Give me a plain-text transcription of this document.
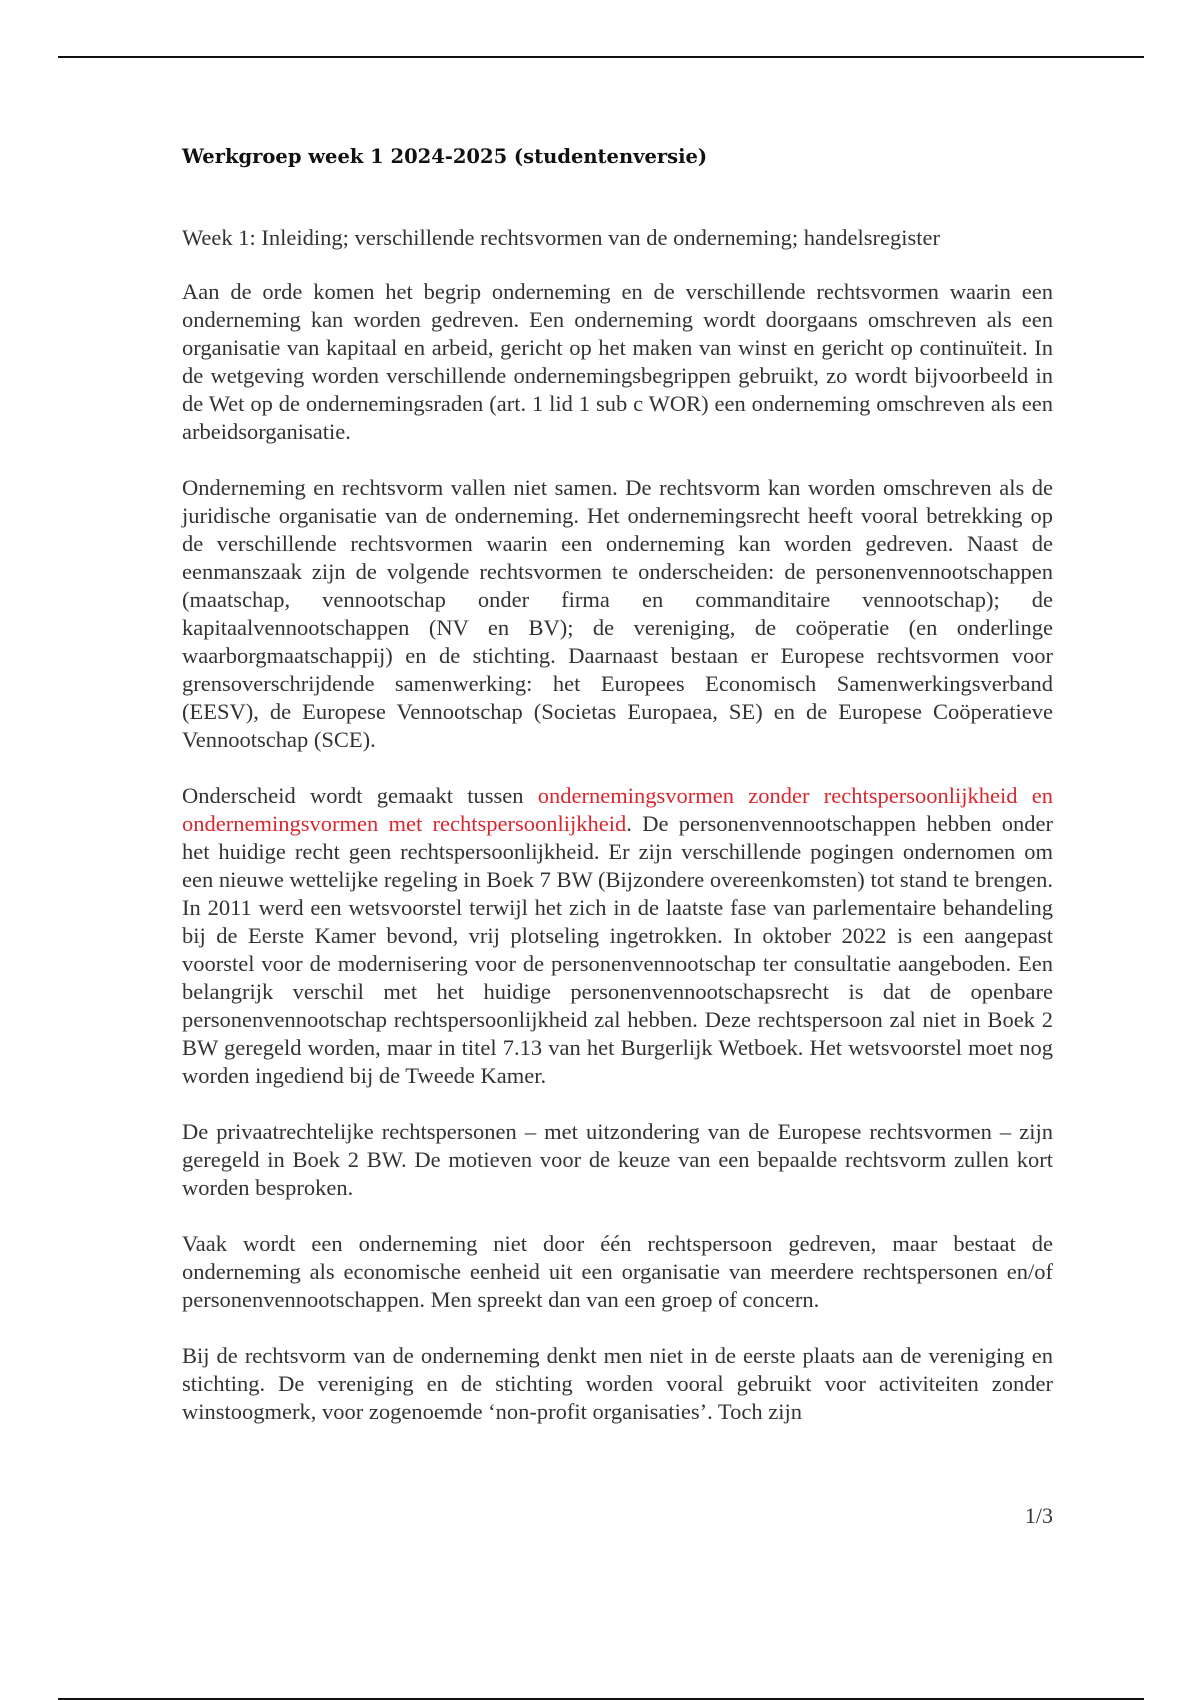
Werkgroep week 1 2024-2025 (studentenversie)

Week 1: Inleiding; verschillende rechtsvormen van de onderneming; handelsregister

Aan de orde komen het begrip onderneming en de verschillende rechtsvormen waarin een onderneming kan worden gedreven. Een onderneming wordt doorgaans omschreven als een organisatie van kapitaal en arbeid, gericht op het maken van winst en gericht op continuïteit. In de wetgeving worden verschillende ondernemingsbegrippen gebruikt, zo wordt bijvoorbeeld in de Wet op de ondernemingsraden (art. 1 lid 1 sub c WOR) een onderneming omschreven als een arbeidsorganisatie.

Onderneming en rechtsvorm vallen niet samen. De rechtsvorm kan worden omschreven als de juridische organisatie van de onderneming. Het ondernemingsrecht heeft vooral betrekking op de verschillende rechtsvormen waarin een onderneming kan worden gedreven. Naast de eenmanszaak zijn de volgende rechtsvormen te onderscheiden: de personenvennootschappen (maatschap, vennootschap onder firma en commanditaire vennootschap); de kapitaalvennootschappen (NV en BV); de vereniging, de coöperatie (en onderlinge waarborgmaatschappij) en de stichting. Daarnaast bestaan er Europese rechtsvormen voor grensoverschrijdende samenwerking: het Europees Economisch Samenwerkingsverband (EESV), de Europese Vennootschap (Societas Europaea, SE) en de Europese Coöperatieve Vennootschap (SCE).

Onderscheid wordt gemaakt tussen ondernemingsvormen zonder rechtspersoonlijkheid en ondernemingsvormen met rechtspersoonlijkheid. De personenvennootschappen hebben onder het huidige recht geen rechtspersoonlijkheid. Er zijn verschillende pogingen ondernomen om een nieuwe wettelijke regeling in Boek 7 BW (Bijzondere overeenkomsten) tot stand te brengen. In 2011 werd een wetsvoorstel terwijl het zich in de laatste fase van parlementaire behandeling bij de Eerste Kamer bevond, vrij plotseling ingetrokken. In oktober 2022 is een aangepast voorstel voor de modernisering voor de personenvennootschap ter consultatie aangeboden. Een belangrijk verschil met het huidige personenvennootschapsrecht is dat de openbare personenvennootschap rechtspersoonlijkheid zal hebben. Deze rechtspersoon zal niet in Boek 2 BW geregeld worden, maar in titel 7.13 van het Burgerlijk Wetboek. Het wetsvoorstel moet nog worden ingediend bij de Tweede Kamer.

De privaatrechtelijke rechtspersonen – met uitzondering van de Europese rechtsvormen – zijn geregeld in Boek 2 BW. De motieven voor de keuze van een bepaalde rechtsvorm zullen kort worden besproken.

Vaak wordt een onderneming niet door één rechtspersoon gedreven, maar bestaat de onderneming als economische eenheid uit een organisatie van meerdere rechtspersonen en/of personenvennootschappen. Men spreekt dan van een groep of concern.

Bij de rechtsvorm van de onderneming denkt men niet in de eerste plaats aan de vereniging en stichting. De vereniging en de stichting worden vooral gebruikt voor activiteiten zonder winstoogmerk, voor zogenoemde ‘non-profit organisaties’. Toch zijn

1/3
